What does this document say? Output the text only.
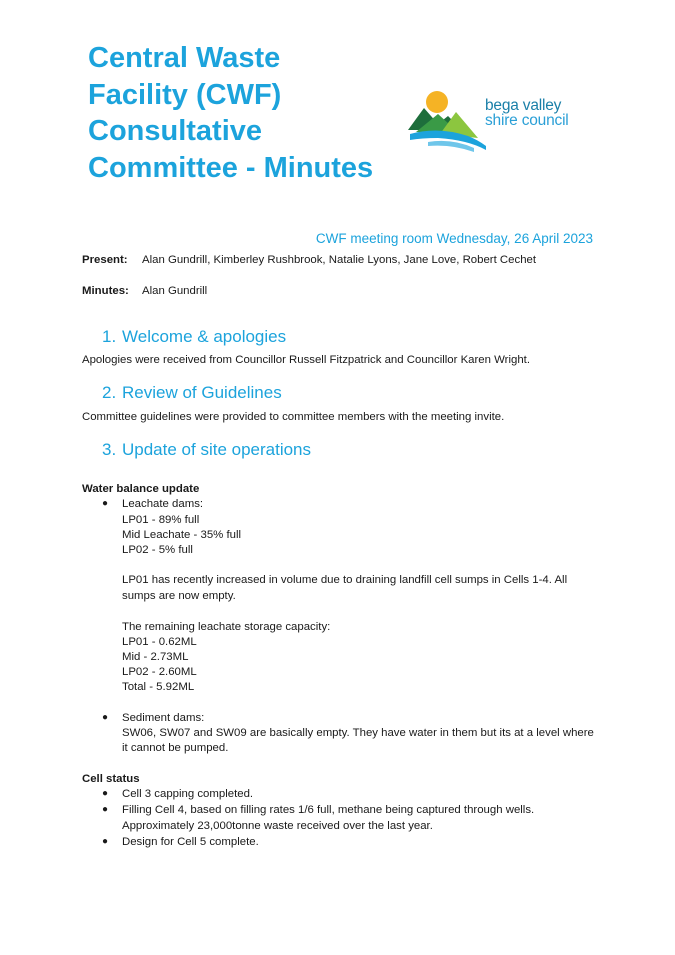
Central Waste
Facility (CWF)
Consultative
Committee - Minutes
bega valley
shire council
CWF meeting room Wednesday, 26 April 2023
Present: Alan Gundrill, Kimberley Rushbrook, Natalie Lyons, Jane Love, Robert Cechet
Minutes: Alan Gundrill
1. Welcome & apologies
Apologies were received from Councillor Russell Fitzpatrick and Councillor Karen Wright.
2. Review of Guidelines
Committee guidelines were provided to committee members with the meeting invite.
3. Update of site operations
Water balance update
● Leachate dams:
LP01 - 89% full
Mid Leachate - 35% full
LP02 - 5% full
LP01 has recently increased in volume due to draining landfill cell sumps in Cells 1-4. All
sumps are now empty.
The remaining leachate storage capacity:
LP01 - 0.62ML
Mid - 2.73ML
LP02 - 2.60ML
Total - 5.92ML
● Sediment dams:
SW06, SW07 and SW09 are basically empty. They have water in them but its at a level where
it cannot be pumped.
Cell status
● Cell 3 capping completed.
● Filling Cell 4, based on filling rates 1/6 full, methane being captured through wells.
Approximately 23,000tonne waste received over the last year.
● Design for Cell 5 complete.
